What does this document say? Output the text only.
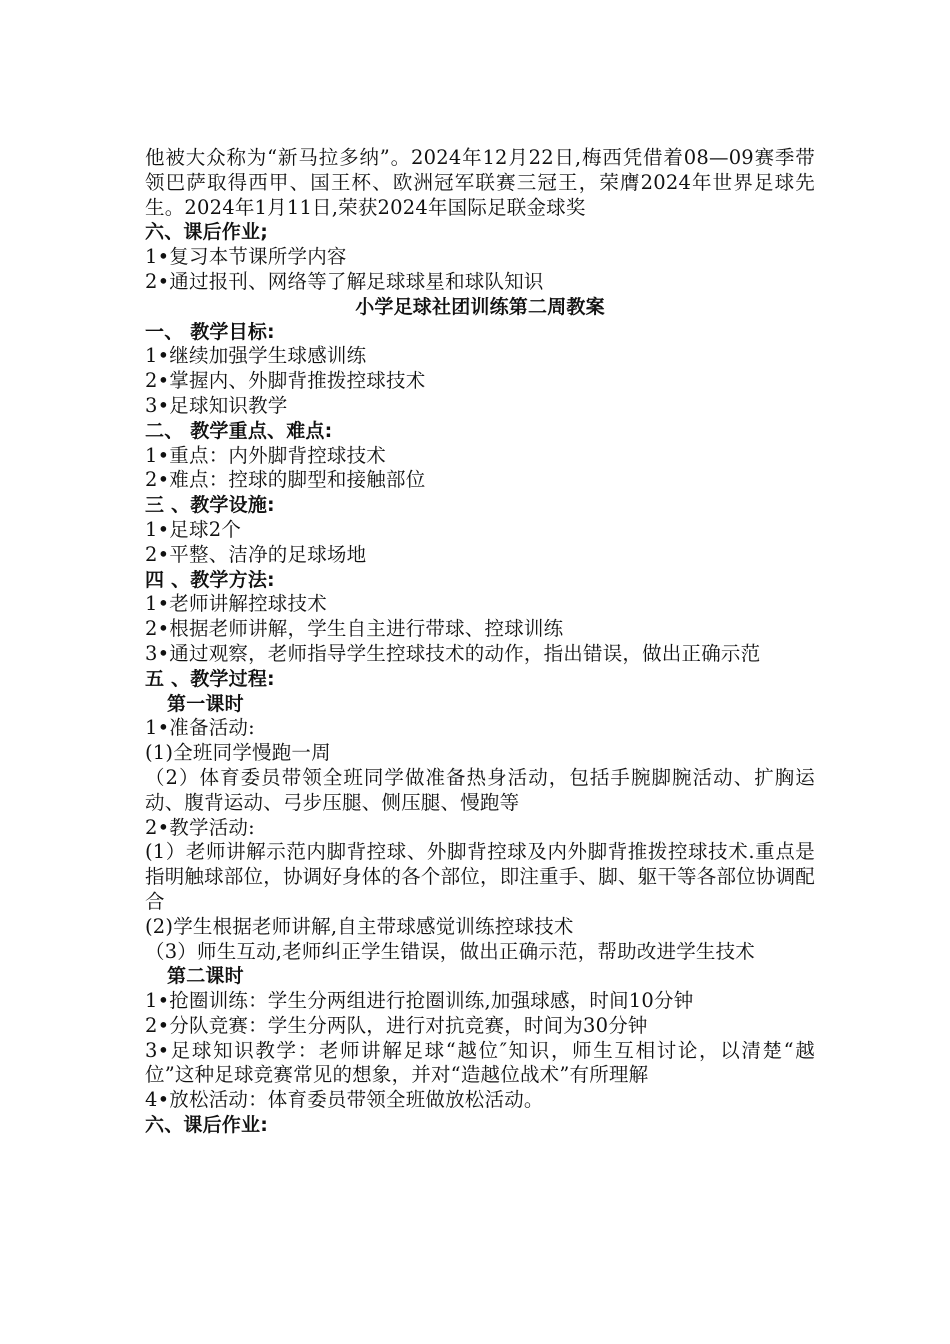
他被大众称为“新马拉多纳”。2024年12月22日,梅西凭借着08—09赛季带领巴萨取得西甲、国王杯、欧洲冠军联赛三冠王，荣膺2024年世界足球先生。2024年1月11日,荣获2024年国际足联金球奖
六、课后作业;
1•复习本节课所学内容
2•通过报刊、网络等了解足球球星和球队知识
小学足球社团训练第二周教案
一、 教学目标:
1•继续加强学生球感训练
2•掌握内、外脚背推拨控球技术
3•足球知识教学
二、 教学重点、难点:
1•重点：内外脚背控球技术
2•难点：控球的脚型和接触部位
三 、教学设施:
1•足球2个
2•平整、洁净的足球场地
四 、教学方法:
1•老师讲解控球技术
2•根据老师讲解，学生自主进行带球、控球训练
3•通过观察，老师指导学生控球技术的动作，指出错误，做出正确示范
五 、教学过程:
第一课时
1•准备活动:
(1)全班同学慢跑一周
（2）体育委员带领全班同学做准备热身活动，包括手腕脚腕活动、扩胸运动、腹背运动、弓步压腿、侧压腿、慢跑等
2•教学活动:
(1）老师讲解示范内脚背控球、外脚背控球及内外脚背推拨控球技术.重点是指明触球部位，协调好身体的各个部位，即注重手、脚、躯干等各部位协调配合
(2)学生根据老师讲解,自主带球感觉训练控球技术
（3）师生互动,老师纠正学生错误，做出正确示范，帮助改进学生技术
第二课时
1•抢圈训练：学生分两组进行抢圈训练,加强球感，时间10分钟
2•分队竞赛：学生分两队，进行对抗竞赛，时间为30分钟
3•足球知识教学：老师讲解足球“越位″知识，师生互相讨论，以清楚“越位”这种足球竞赛常见的想象，并对“造越位战术”有所理解
4•放松活动：体育委员带领全班做放松活动。
六、课后作业:
